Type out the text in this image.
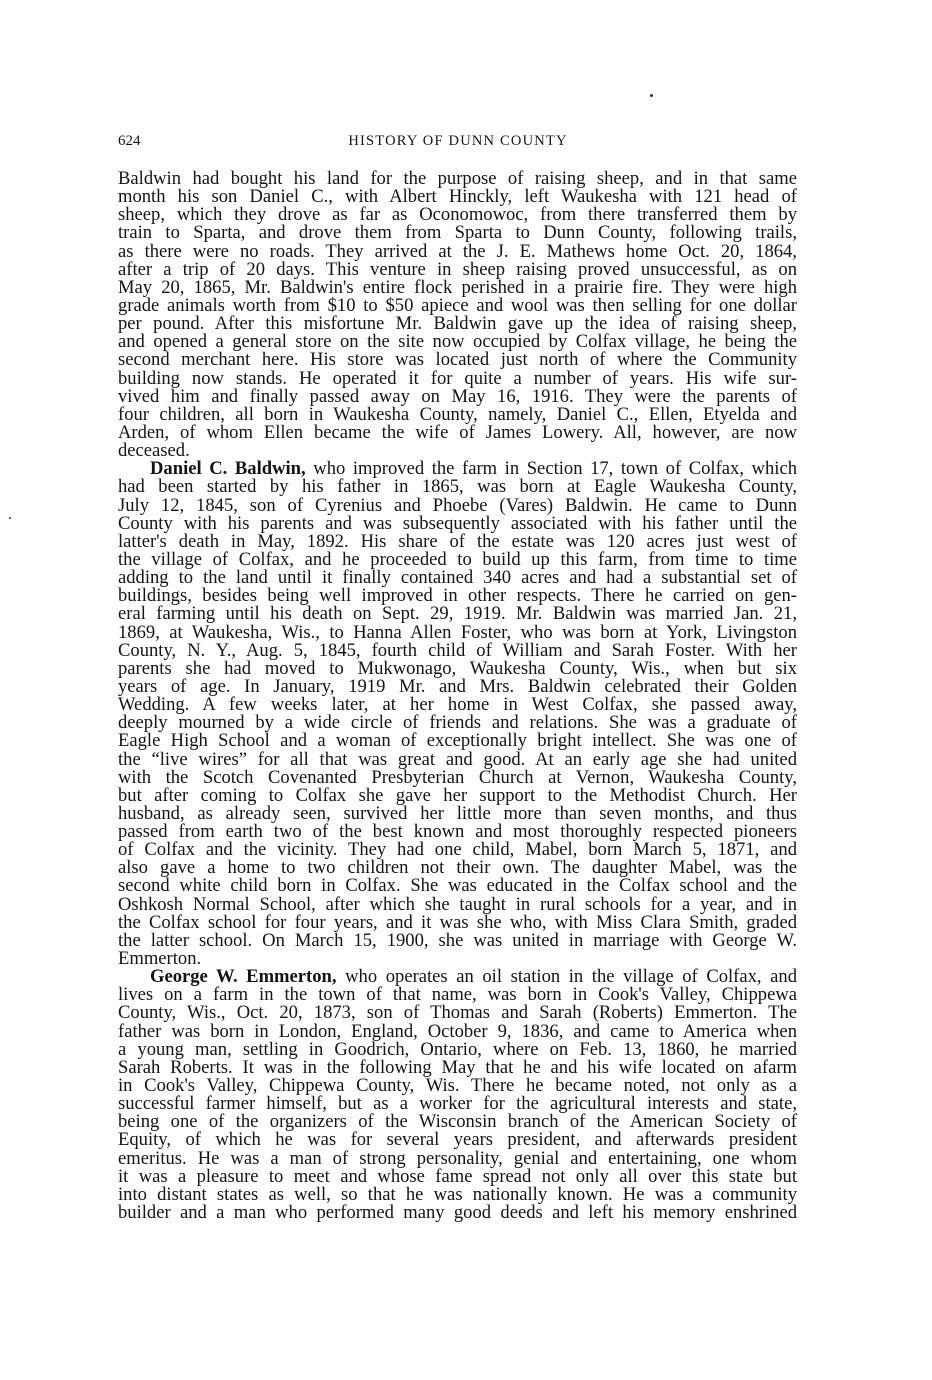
624	HISTORY OF DUNN COUNTY
Baldwin had bought his land for the purpose of raising sheep, and in that same
month his son Daniel C., with Albert Hinckly, left Waukesha with 121 head of
sheep, which they drove as far as Oconomowoc, from there transferred them by
train to Sparta, and drove them from Sparta to Dunn County, following trails,
as there were no roads. They arrived at the J. E. Mathews home Oct. 20, 1864,
after a trip of 20 days. This venture in sheep raising proved unsuccessful, as on
May 20, 1865, Mr. Baldwin's entire flock perished in a prairie fire. They were high
grade animals worth from $10 to $50 apiece and wool was then selling for one dollar
per pound. After this misfortune Mr. Baldwin gave up the idea of raising sheep,
and opened a general store on the site now occupied by Colfax village, he being the
second merchant here. His store was located just north of where the Community
building now stands. He operated it for quite a number of years. His wife sur-
vived him and finally passed away on May 16, 1916. They were the parents of
four children, all born in Waukesha County, namely, Daniel C., Ellen, Etyelda and
Arden, of whom Ellen became the wife of James Lowery. All, however, are now
deceased.
Daniel C. Baldwin, who improved the farm in Section 17, town of Colfax, which
had been started by his father in 1865, was born at Eagle Waukesha County,
July 12, 1845, son of Cyrenius and Phoebe (Vares) Baldwin. He came to Dunn
County with his parents and was subsequently associated with his father until the
latter's death in May, 1892. His share of the estate was 120 acres just west of
the village of Colfax, and he proceeded to build up this farm, from time to time
adding to the land until it finally contained 340 acres and had a substantial set of
buildings, besides being well improved in other respects. There he carried on gen-
eral farming until his death on Sept. 29, 1919. Mr. Baldwin was married Jan. 21,
1869, at Waukesha, Wis., to Hanna Allen Foster, who was born at York, Livingston
County, N. Y., Aug. 5, 1845, fourth child of William and Sarah Foster. With her
parents she had moved to Mukwonago, Waukesha County, Wis., when but six
years of age. In January, 1919 Mr. and Mrs. Baldwin celebrated their Golden
Wedding. A few weeks later, at her home in West Colfax, she passed away,
deeply mourned by a wide circle of friends and relations. She was a graduate of
Eagle High School and a woman of exceptionally bright intellect. She was one of
the “live wires” for all that was great and good. At an early age she had united
with the Scotch Covenanted Presbyterian Church at Vernon, Waukesha County,
but after coming to Colfax she gave her support to the Methodist Church. Her
husband, as already seen, survived her little more than seven months, and thus
passed from earth two of the best known and most thoroughly respected pioneers
of Colfax and the vicinity. They had one child, Mabel, born March 5, 1871, and
also gave a home to two children not their own. The daughter Mabel, was the
second white child born in Colfax. She was educated in the Colfax school and the
Oshkosh Normal School, after which she taught in rural schools for a year, and in
the Colfax school for four years, and it was she who, with Miss Clara Smith, graded
the latter school. On March 15, 1900, she was united in marriage with George W.
Emmerton.
George W. Emmerton, who operates an oil station in the village of Colfax, and
lives on a farm in the town of that name, was born in Cook's Valley, Chippewa
County, Wis., Oct. 20, 1873, son of Thomas and Sarah (Roberts) Emmerton. The
father was born in London, England, October 9, 1836, and came to America when
a young man, settling in Goodrich, Ontario, where on Feb. 13, 1860, he married
Sarah Roberts. It was in the following May that he and his wife located on afarm
in Cook's Valley, Chippewa County, Wis. There he became noted, not only as a
successful farmer himself, but as a worker for the agricultural interests and state,
being one of the organizers of the Wisconsin branch of the American Society of
Equity, of which he was for several years president, and afterwards president
emeritus. He was a man of strong personality, genial and entertaining, one whom
it was a pleasure to meet and whose fame spread not only all over this state but
into distant states as well, so that he was nationally known. He was a community
builder and a man who performed many good deeds and left his memory enshrined
